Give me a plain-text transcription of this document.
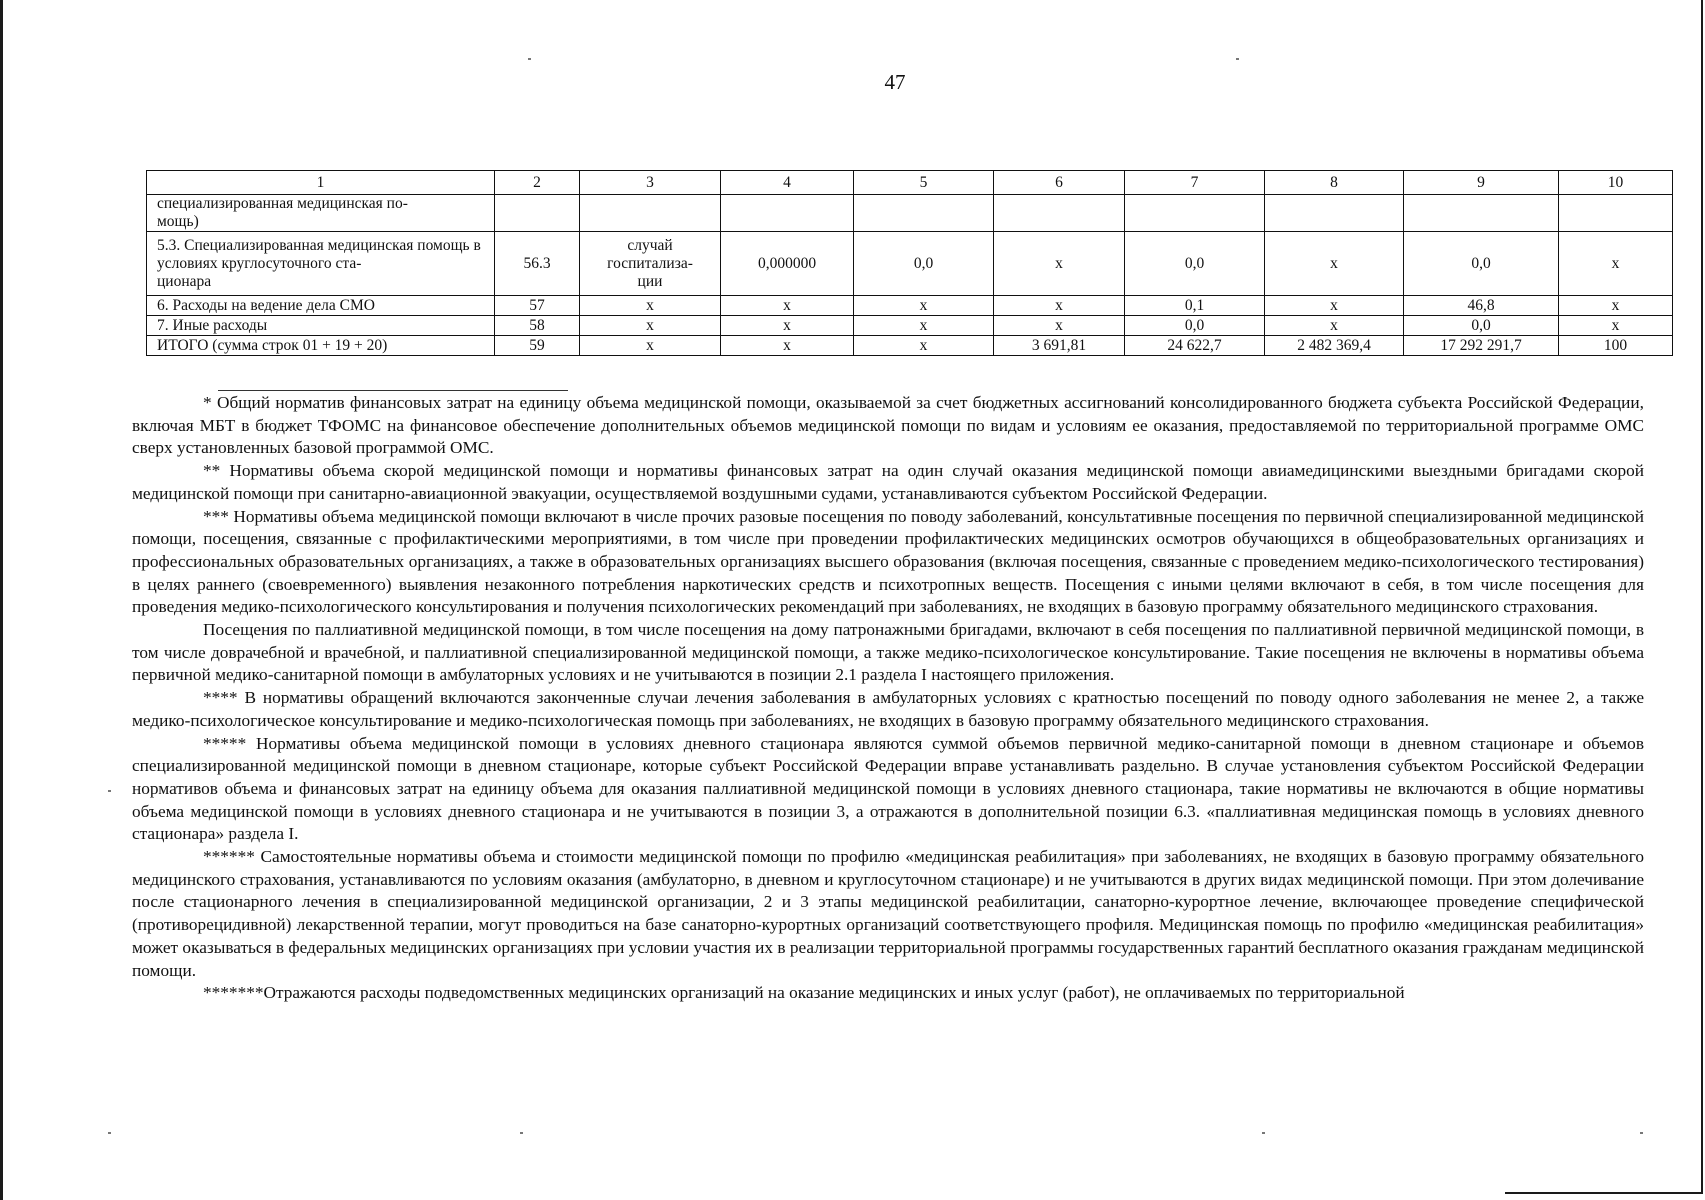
47
1	2	3	4	5	6	7	8	9	10
специализированная медицинская по-
мощь)									
5.3. Специализированная медицинская помощь в условиях круглосуточного ста-
ционара	56.3	случай
госпитализа-
ции	0,000000	0,0	х	0,0	х	0,0	х
6. Расходы на ведение дела СМО	57	х	х	х	х	0,1	х	46,8	х
7. Иные расходы	58	х	х	х	х	0,0	х	0,0	х
ИТОГО (сумма строк 01 + 19 + 20)	59	х	х	х	3 691,81	24 622,7	2 482 369,4	17 292 291,7	100

* Общий норматив финансовых затрат на единицу объема медицинской помощи, оказываемой за счет бюджетных ассигнований консолидированного бюджета субъекта Российской Федерации, включая МБТ в бюджет ТФОМС на финансовое обеспечение дополнительных объемов медицинской помощи по видам и условиям ее оказания, предоставляемой по территориальной программе ОМС сверх установленных базовой программой ОМС.

** Нормативы объема скорой медицинской помощи и нормативы финансовых затрат на один случай оказания медицинской помощи авиамедицинскими выездными бригадами скорой медицинской помощи при санитарно-авиационной эвакуации, осуществляемой воздушными судами, устанавливаются субъектом Российской Федерации.

*** Нормативы объема медицинской помощи включают в числе прочих разовые посещения по поводу заболеваний, консультативные посещения по первичной специализированной медицинской помощи, посещения, связанные с профилактическими мероприятиями, в том числе при проведении профилактических медицинских осмотров обучающихся в общеобразовательных организациях и профессиональных образовательных организациях, а также в образовательных организациях высшего образования (включая посещения, связанные с проведением медико-психологического тестирования) в целях раннего (своевременного) выявления незаконного потребления наркотических средств и психотропных веществ. Посещения с иными целями включают в себя, в том числе посещения для проведения медико-психологического консультирования и получения психологических рекомендаций при заболеваниях, не входящих в базовую программу обязательного медицинского страхования.

Посещения по паллиативной медицинской помощи, в том числе посещения на дому патронажными бригадами, включают в себя посещения по паллиативной первичной медицинской помощи, в том числе доврачебной и врачебной, и паллиативной специализированной медицинской помощи, а также медико-психологическое консультирование. Такие посещения не включены в нормативы объема первичной медико-санитарной помощи в амбулаторных условиях и не учитываются в позиции 2.1 раздела I настоящего приложения.

**** В нормативы обращений включаются законченные случаи лечения заболевания в амбулаторных условиях с кратностью посещений по поводу одного заболевания не менее 2, а также медико-психологическое консультирование и медико-психологическая помощь при заболеваниях, не входящих в базовую программу обязательного медицинского страхования.

***** Нормативы объема медицинской помощи в условиях дневного стационара являются суммой объемов первичной медико-санитарной помощи в дневном стационаре и объемов специализированной медицинской помощи в дневном стационаре, которые субъект Российской Федерации вправе устанавливать раздельно. В случае установления субъектом Российской Федерации нормативов объема и финансовых затрат на единицу объема для оказания паллиативной медицинской помощи в условиях дневного стационара, такие нормативы не включаются в общие нормативы объема медицинской помощи в условиях дневного стационара и не учитываются в позиции 3, а отражаются в дополнительной позиции 6.3. «паллиативная медицинская помощь в условиях дневного стационара» раздела I.

****** Самостоятельные нормативы объема и стоимости медицинской помощи по профилю «медицинская реабилитация» при заболеваниях, не входящих в базовую программу обязательного медицинского страхования, устанавливаются по условиям оказания (амбулаторно, в дневном и круглосуточном стационаре) и не учитываются в других видах медицинской помощи. При этом долечивание после стационарного лечения в специализированной медицинской организации, 2 и 3 этапы медицинской реабилитации, санаторно-курортное лечение, включающее проведение специфической (противорецидивной) лекарственной терапии, могут проводиться на базе санаторно-курортных организаций соответствующего профиля. Медицинская помощь по профилю «медицинская реабилитация» может оказываться в федеральных медицинских организациях при условии участия их в реализации территориальной программы государственных гарантий бесплатного оказания гражданам медицинской помощи.

*******Отражаются расходы подведомственных медицинских организаций на оказание медицинских и иных услуг (работ), не оплачиваемых по территориальной
